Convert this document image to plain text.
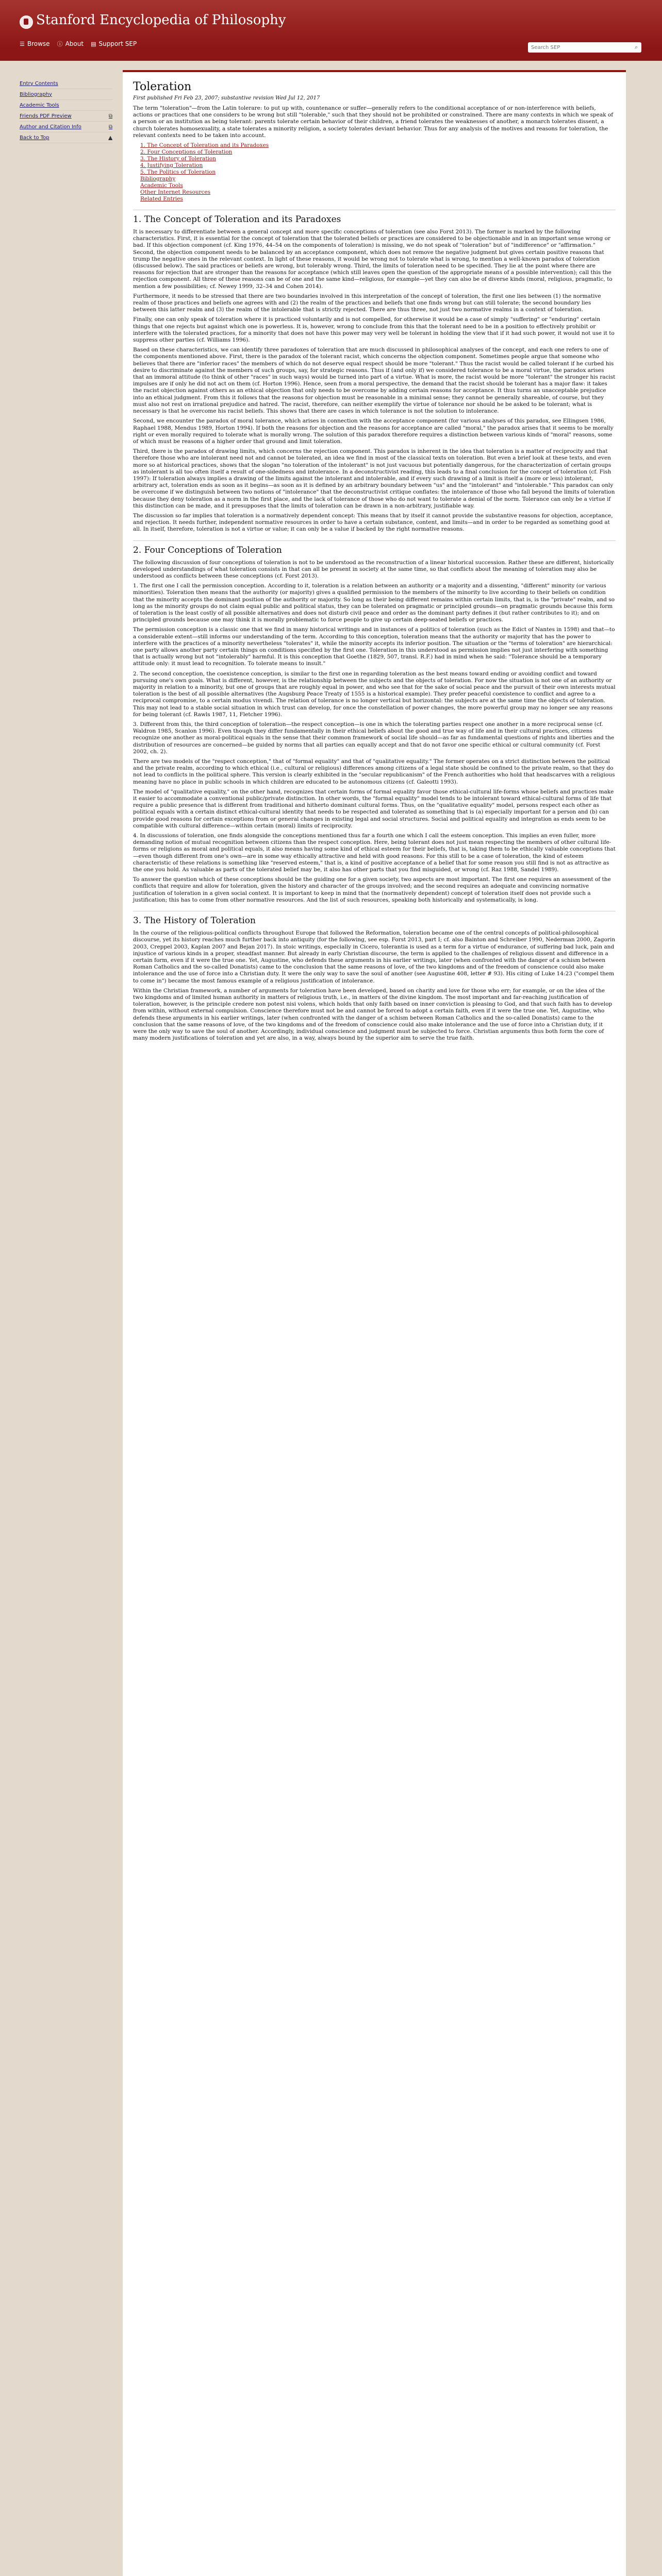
Stanford Encyclopedia of Philosophy
☰ Browse ⓘ About ▤ Support SEP
Search SEP	⌕
Entry Contents
Bibliography
Academic Tools
Friends PDF Preview	⧉
Author and Citation Info	⧉
Back to Top	▲
Toleration
First published Fri Feb 23, 2007; substantive revision Wed Jul 12, 2017

The term "toleration"—from the Latin tolerare: to put up with, countenance or suffer—generally refers to the conditional acceptance of or non-interference with beliefs, actions or practices that one considers to be wrong but still "tolerable," such that they should not be prohibited or constrained. There are many contexts in which we speak of a person or an institution as being tolerant: parents tolerate certain behavior of their children, a friend tolerates the weaknesses of another, a monarch tolerates dissent, a church tolerates homosexuality, a state tolerates a minority religion, a society tolerates deviant behavior. Thus for any analysis of the motives and reasons for toleration, the relevant contexts need to be taken into account.

1. The Concept of Toleration and its Paradoxes
2. Four Conceptions of Toleration
3. The History of Toleration
4. Justifying Toleration
5. The Politics of Toleration
Bibliography
Academic Tools
Other Internet Resources
Related Entries
1. The Concept of Toleration and its Paradoxes

It is necessary to differentiate between a general concept and more specific conceptions of toleration (see also Forst 2013). The former is marked by the following characteristics. First, it is essential for the concept of toleration that the tolerated beliefs or practices are considered to be objectionable and in an important sense wrong or bad. If this objection component (cf. King 1976, 44–54 on the components of toleration) is missing, we do not speak of "toleration" but of "indifference" or "affirmation." Second, the objection component needs to be balanced by an acceptance component, which does not remove the negative judgment but gives certain positive reasons that trump the negative ones in the relevant context. In light of these reasons, it would be wrong not to tolerate what is wrong, to mention a well-known paradox of toleration (discussed below). The said practices or beliefs are wrong, but tolerably wrong. Third, the limits of toleration need to be specified. They lie at the point where there are reasons for rejection that are stronger than the reasons for acceptance (which still leaves open the question of the appropriate means of a possible intervention); call this the rejection component. All three of these reasons can be of one and the same kind—religious, for example—yet they can also be of diverse kinds (moral, religious, pragmatic, to mention a few possibilities; cf. Newey 1999, 32–34 and Cohen 2014).

Furthermore, it needs to be stressed that there are two boundaries involved in this interpretation of the concept of toleration, the first one lies between (1) the normative realm of those practices and beliefs one agrees with and (2) the realm of the practices and beliefs that one finds wrong but can still tolerate; the second boundary lies between this latter realm and (3) the realm of the intolerable that is strictly rejected. There are thus three, not just two normative realms in a context of toleration.

Finally, one can only speak of toleration where it is practiced voluntarily and is not compelled, for otherwise it would be a case of simply "suffering" or "enduring" certain things that one rejects but against which one is powerless. It is, however, wrong to conclude from this that the tolerant need to be in a position to effectively prohibit or interfere with the tolerated practices, for a minority that does not have this power may very well be tolerant in holding the view that if it had such power, it would not use it to suppress other parties (cf. Williams 1996).

Based on these characteristics, we can identify three paradoxes of toleration that are much discussed in philosophical analyses of the concept, and each one refers to one of the components mentioned above. First, there is the paradox of the tolerant racist, which concerns the objection component. Sometimes people argue that someone who believes that there are "inferior races" the members of which do not deserve equal respect should be more "tolerant." Thus the racist would be called tolerant if he curbed his desire to discriminate against the members of such groups, say, for strategic reasons. Thus if (and only if) we considered tolerance to be a moral virtue, the paradox arises that an immoral attitude (to think of other "races" in such ways) would be turned into part of a virtue. What is more, the racist would be more "tolerant" the stronger his racist impulses are if only he did not act on them (cf. Horton 1996). Hence, seen from a moral perspective, the demand that the racist should be tolerant has a major flaw: it takes the racist objection against others as an ethical objection that only needs to be overcome by adding certain reasons for acceptance. It thus turns an unacceptable prejudice into an ethical judgment. From this it follows that the reasons for objection must be reasonable in a minimal sense; they cannot be generally shareable, of course, but they must also not rest on irrational prejudice and hatred. The racist, therefore, can neither exemplify the virtue of tolerance nor should he be asked to be tolerant; what is necessary is that he overcome his racist beliefs. This shows that there are cases in which tolerance is not the solution to intolerance.

Second, we encounter the paradox of moral tolerance, which arises in connection with the acceptance component (for various analyses of this paradox, see Ellingsen 1986, Raphael 1988, Mendus 1989, Horton 1994). If both the reasons for objection and the reasons for acceptance are called "moral," the paradox arises that it seems to be morally right or even morally required to tolerate what is morally wrong. The solution of this paradox therefore requires a distinction between various kinds of "moral" reasons, some of which must be reasons of a higher order that ground and limit toleration.

Third, there is the paradox of drawing limits, which concerns the rejection component. This paradox is inherent in the idea that toleration is a matter of reciprocity and that therefore those who are intolerant need not and cannot be tolerated, an idea we find in most of the classical texts on toleration. But even a brief look at these texts, and even more so at historical practices, shows that the slogan "no toleration of the intolerant" is not just vacuous but potentially dangerous, for the characterization of certain groups as intolerant is all too often itself a result of one-sidedness and intolerance. In a deconstructivist reading, this leads to a final conclusion for the concept of toleration (cf. Fish 1997): If toleration always implies a drawing of the limits against the intolerant and intolerable, and if every such drawing of a limit is itself a (more or less) intolerant, arbitrary act, toleration ends as soon as it begins—as soon as it is defined by an arbitrary boundary between "us" and the "intolerant" and "intolerable." This paradox can only be overcome if we distinguish between two notions of "intolerance" that the deconstructivist critique conflates: the intolerance of those who fall beyond the limits of toleration because they deny toleration as a norm in the first place, and the lack of tolerance of those who do not want to tolerate a denial of the norm. Tolerance can only be a virtue if this distinction can be made, and it presupposes that the limits of toleration can be drawn in a non-arbitrary, justifiable way.

The discussion so far implies that toleration is a normatively dependent concept: This means that by itself it cannot provide the substantive reasons for objection, acceptance, and rejection. It needs further, independent normative resources in order to have a certain substance, content, and limits—and in order to be regarded as something good at all. In itself, therefore, toleration is not a virtue or value; it can only be a value if backed by the right normative reasons.

2. Four Conceptions of Toleration

The following discussion of four conceptions of toleration is not to be understood as the reconstruction of a linear historical succession. Rather these are different, historically developed understandings of what toleration consists in that can all be present in society at the same time, so that conflicts about the meaning of toleration may also be understood as conflicts between these conceptions (cf. Forst 2013).

1. The first one I call the permission conception. According to it, toleration is a relation between an authority or a majority and a dissenting, "different" minority (or various minorities). Toleration then means that the authority (or majority) gives a qualified permission to the members of the minority to live according to their beliefs on condition that the minority accepts the dominant position of the authority or majority. So long as their being different remains within certain limits, that is, is the "private" realm, and so long as the minority groups do not claim equal public and political status, they can be tolerated on pragmatic or principled grounds—on pragmatic grounds because this form of toleration is the least costly of all possible alternatives and does not disturb civil peace and order as the dominant party defines it (but rather contributes to it); and on principled grounds because one may think it is morally problematic to force people to give up certain deep-seated beliefs or practices.

The permission conception is a classic one that we find in many historical writings and in instances of a politics of toleration (such as the Edict of Nantes in 1598) and that—to a considerable extent—still informs our understanding of the term. According to this conception, toleration means that the authority or majority that has the power to interfere with the practices of a minority nevertheless "tolerates" it, while the minority accepts its inferior position. The situation or the "terms of toleration" are hierarchical: one party allows another party certain things on conditions specified by the first one. Toleration in this understood as permission implies not just interfering with something that is actually wrong but not "intolerably" harmful. It is this conception that Goethe (1829, 507, transl. R.F.) had in mind when he said: "Tolerance should be a temporary attitude only: it must lead to recognition. To tolerate means to insult."

2. The second conception, the coexistence conception, is similar to the first one in regarding toleration as the best means toward ending or avoiding conflict and toward pursuing one's own goals. What is different, however, is the relationship between the subjects and the objects of toleration. For now the situation is not one of an authority or majority in relation to a minority, but one of groups that are roughly equal in power, and who see that for the sake of social peace and the pursuit of their own interests mutual toleration is the best of all possible alternatives (the Augsburg Peace Treaty of 1555 is a historical example). They prefer peaceful coexistence to conflict and agree to a reciprocal compromise, to a certain modus vivendi. The relation of tolerance is no longer vertical but horizontal: the subjects are at the same time the objects of toleration. This may not lead to a stable social situation in which trust can develop, for once the constellation of power changes, the more powerful group may no longer see any reasons for being tolerant (cf. Rawls 1987, 11, Fletcher 1996).

3. Different from this, the third conception of toleration—the respect conception—is one in which the tolerating parties respect one another in a more reciprocal sense (cf. Waldron 1985, Scanlon 1996). Even though they differ fundamentally in their ethical beliefs about the good and true way of life and in their cultural practices, citizens recognize one another as moral-political equals in the sense that their common framework of social life should—as far as fundamental questions of rights and liberties and the distribution of resources are concerned—be guided by norms that all parties can equally accept and that do not favor one specific ethical or cultural community (cf. Forst 2002, ch. 2).

There are two models of the "respect conception," that of "formal equality" and that of "qualitative equality." The former operates on a strict distinction between the political and the private realm, according to which ethical (i.e., cultural or religious) differences among citizens of a legal state should be confined to the private realm, so that they do not lead to conflicts in the political sphere. This version is clearly exhibited in the "secular republicanism" of the French authorities who hold that headscarves with a religious meaning have no place in public schools in which children are educated to be autonomous citizens (cf. Galeotti 1993).

The model of "qualitative equality," on the other hand, recognizes that certain forms of formal equality favor those ethical-cultural life-forms whose beliefs and practices make it easier to accommodate a conventional public/private distinction. In other words, the "formal equality" model tends to be intolerant toward ethical-cultural forms of life that require a public presence that is different from traditional and hitherto dominant cultural forms. Thus, on the "qualitative equality" model, persons respect each other as political equals with a certain distinct ethical-cultural identity that needs to be respected and tolerated as something that is (a) especially important for a person and (b) can provide good reasons for certain exceptions from or general changes in existing legal and social structures. Social and political equality and integration as ends seem to be compatible with cultural difference—within certain (moral) limits of reciprocity.

4. In discussions of toleration, one finds alongside the conceptions mentioned thus far a fourth one which I call the esteem conception. This implies an even fuller, more demanding notion of mutual recognition between citizens than the respect conception. Here, being tolerant does not just mean respecting the members of other cultural life-forms or religions as moral and political equals, it also means having some kind of ethical esteem for their beliefs, that is, taking them to be ethically valuable conceptions that—even though different from one's own—are in some way ethically attractive and held with good reasons. For this still to be a case of toleration, the kind of esteem characteristic of these relations is something like "reserved esteem," that is, a kind of positive acceptance of a belief that for some reason you still find is not as attractive as the one you hold. As valuable as parts of the tolerated belief may be, it also has other parts that you find misguided, or wrong (cf. Raz 1988, Sandel 1989).

To answer the question which of these conceptions should be the guiding one for a given society, two aspects are most important. The first one requires an assessment of the conflicts that require and allow for toleration, given the history and character of the groups involved; and the second requires an adequate and convincing normative justification of toleration in a given social context. It is important to keep in mind that the (normatively dependent) concept of toleration itself does not provide such a justification; this has to come from other normative resources. And the list of such resources, speaking both historically and systematically, is long.

3. The History of Toleration

In the course of the religious-political conflicts throughout Europe that followed the Reformation, toleration became one of the central concepts of political-philosophical discourse, yet its history reaches much further back into antiquity (for the following, see esp. Forst 2013, part I; cf. also Bainton and Schreiber 1990, Nederman 2000, Zagorin 2003, Creppel 2003, Kaplan 2007 and Bejan 2017). In stoic writings, especially in Cicero, tolerantia is used as a term for a virtue of endurance, of suffering bad luck, pain and injustice of various kinds in a proper, steadfast manner. But already in early Christian discourse, the term is applied to the challenges of religious dissent and difference in a certain form, even if it were the true one. Yet, Augustine, who defends these arguments in his earlier writings, later (when confronted with the danger of a schism between Roman Catholics and the so-called Donatists) came to the conclusion that the same reasons of love, of the two kingdoms and of the freedom of conscience could also make intolerance and the use of force into a Christian duty. It were the only way to save the soul of another (see Augustine 408, letter # 93). His citing of Luke 14:23 ("compel them to come in") became the most famous example of a religious justification of intolerance.

Within the Christian framework, a number of arguments for toleration have been developed, based on charity and love for those who err; for example, or on the idea of the two kingdoms and of limited human authority in matters of religious truth, i.e., in matters of the divine kingdom. The most important and far-reaching justification of toleration, however, is the principle credere non potest nisi volens, which holds that only faith based on inner conviction is pleasing to God, and that such faith has to develop from within, without external compulsion. Conscience therefore must not be and cannot be forced to adopt a certain faith, even if it were the true one. Yet, Augustine, who defends these arguments in his earlier writings, later (when confronted with the danger of a schism between Roman Catholics and the so-called Donatists) came to the conclusion that the same reasons of love, of the two kingdoms and of the freedom of conscience could also make intolerance and the use of force into a Christian duty, if it were the only way to save the soul of another. Accordingly, individual conscience and judgment must be subjected to force. Christian arguments thus both form the core of many modern justifications of toleration and yet are also, in a way, always bound by the superior aim to serve the true faith.
